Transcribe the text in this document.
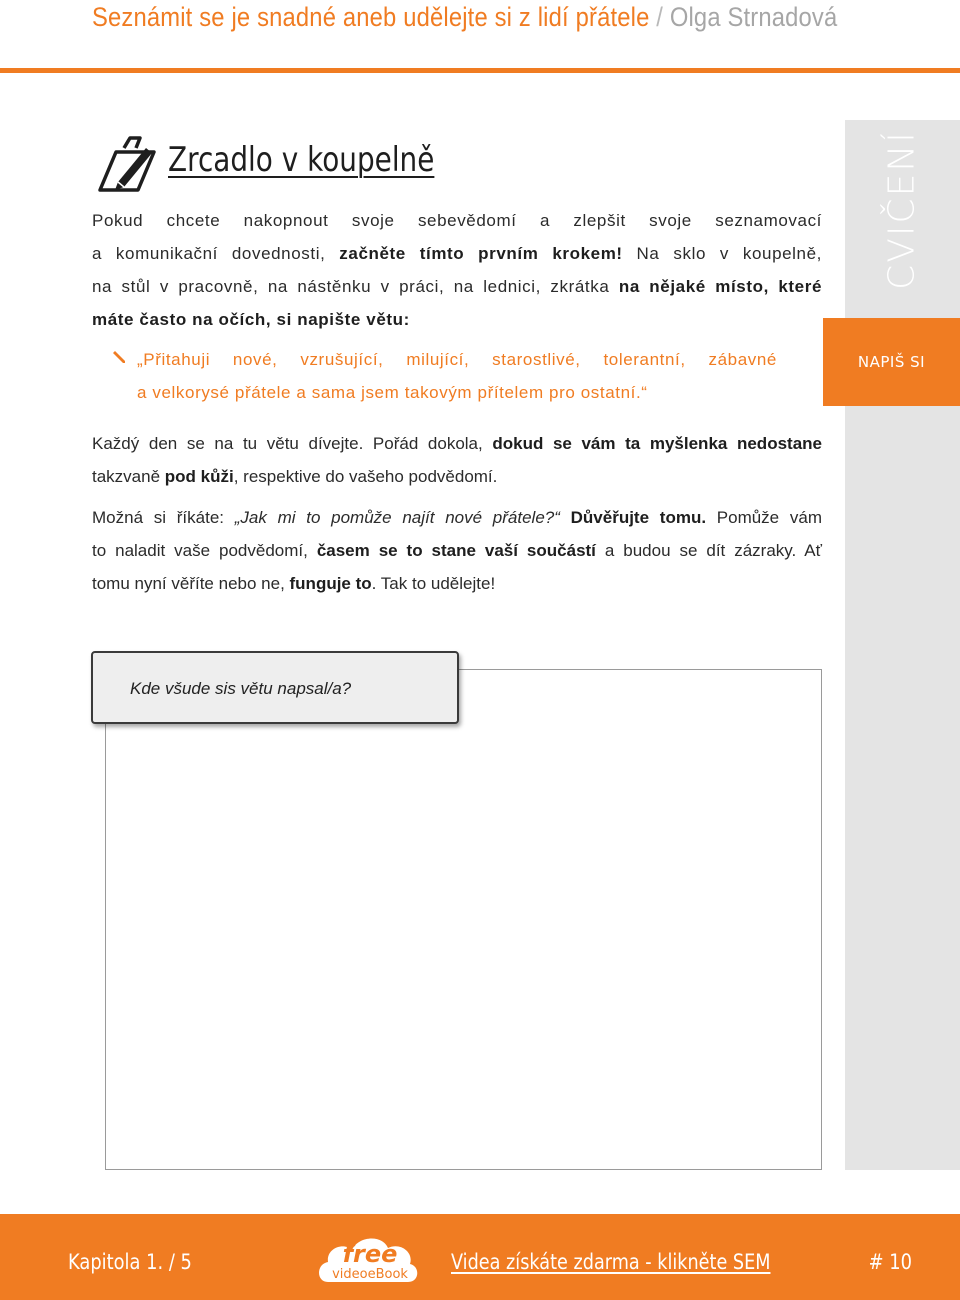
Seznámit se je snadné aneb udělejte si z lidí přátele / Olga Strnadová
CVIČENÍ
NAPIŠ SI
Zrcadlo v koupelně
Pokud chcete nakopnout svoje sebevědomí a zlepšit svoje seznamovací
a komunikační dovednosti, začněte tímto prvním krokem! Na sklo v koupelně,
na stůl v pracovně, na nástěnku v práci, na lednici, zkrátka na nějaké místo, které
máte často na očích, si napište větu:
„Přitahuji nové, vzrušující, milující, starostlivé, tolerantní, zábavné
a velkorysé přátele a sama jsem takovým přítelem pro ostatní.“
Každý den se na tu větu dívejte. Pořád dokola, dokud se vám ta myšlenka nedostane
takzvaně pod kůži, respektive do vašeho podvědomí.
Možná si říkáte: „Jak mi to pomůže najít nové přátele?“ Důvěřujte tomu. Pomůže vám
to naladit vaše podvědomí, časem se to stane vaší součástí a budou se dít zázraky. Ať
tomu nyní věříte nebo ne, funguje to. Tak to udělejte!
Kde všude sis větu napsal/a?
Kapitola 1. / 5	free
videoeBook
Videa získáte zdarma - klikněte SEM	# 10
